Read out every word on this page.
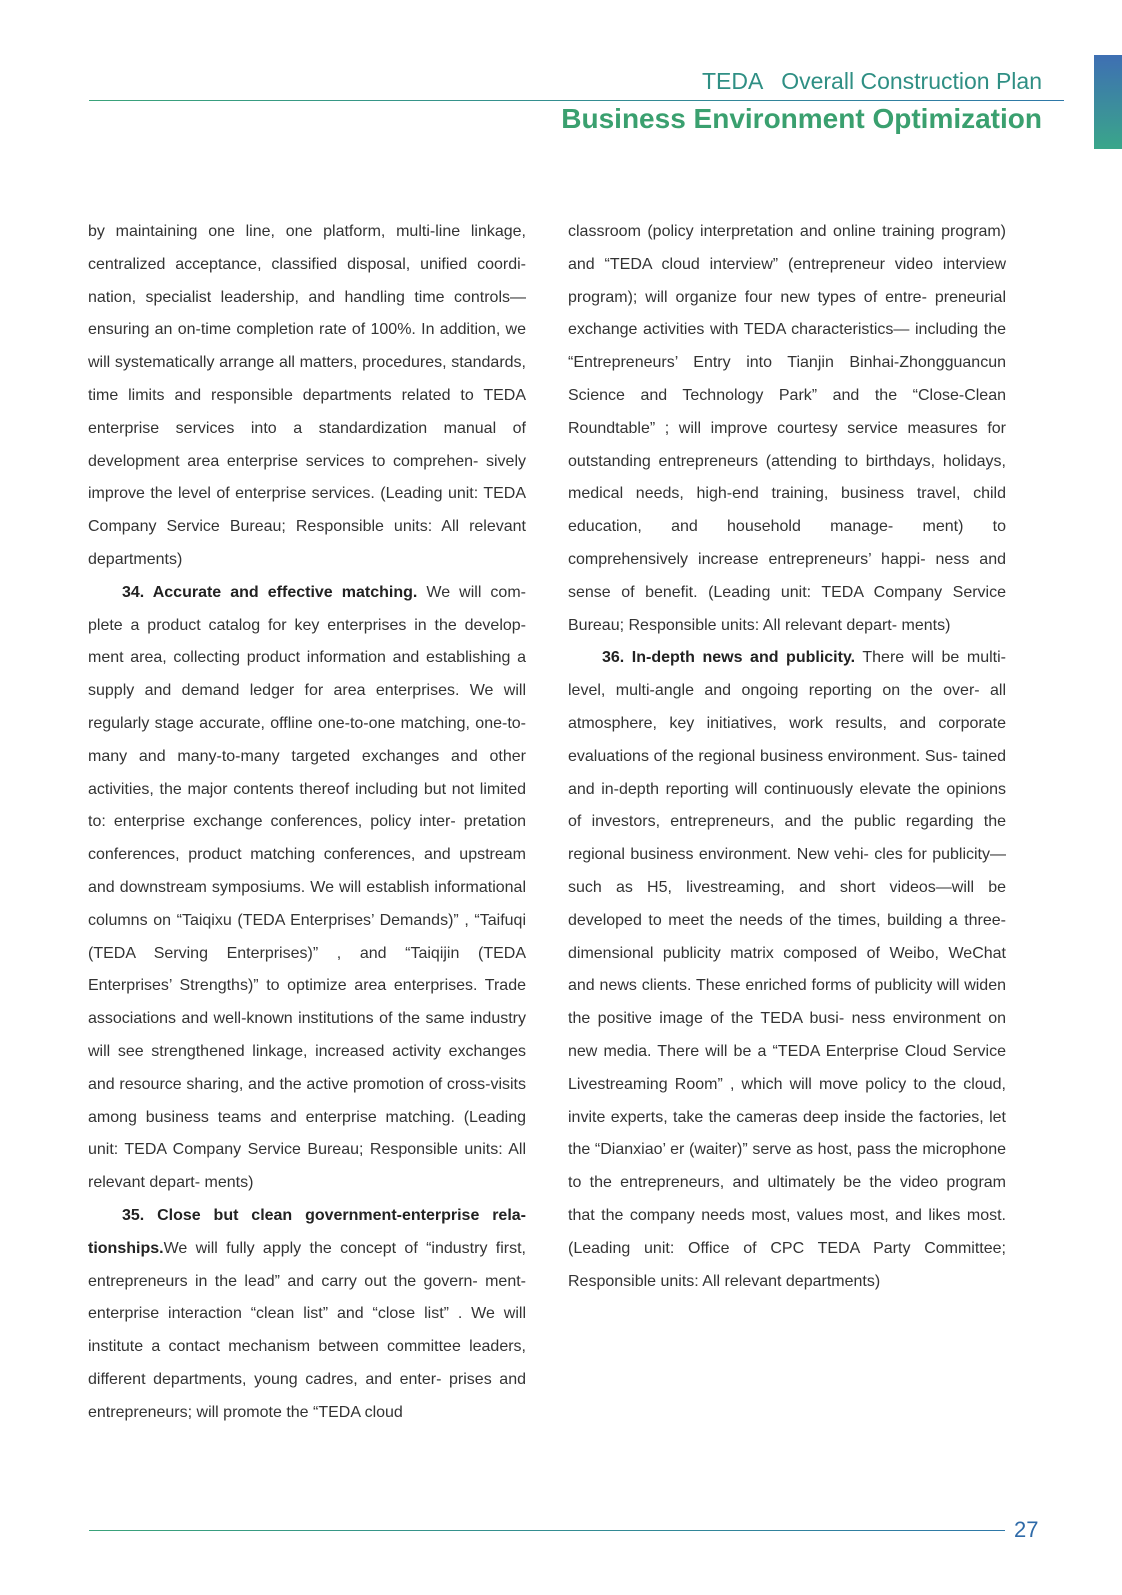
TEDA   Overall Construction Plan
Business Environment Optimization

by maintaining one line, one platform, multi-line linkage, centralized acceptance, classified disposal, unified coordi- nation, specialist leadership, and handling time controls— ensuring an on-time completion rate of 100%. In addition, we will systematically arrange all matters, procedures, standards, time limits and responsible departments related to TEDA enterprise services into a standardization manual of development area enterprise services to comprehen- sively improve the level of enterprise services. (Leading unit: TEDA Company Service Bureau; Responsible units: All relevant departments)

34. Accurate and effective matching. We will com- plete a product catalog for key enterprises in the develop- ment area, collecting product information and establishing a supply and demand ledger for area enterprises. We will regularly stage accurate, offline one-to-one matching, one-to-many and many-to-many targeted exchanges and other activities, the major contents thereof including but not limited to: enterprise exchange conferences, policy inter- pretation conferences, product matching conferences, and upstream and downstream symposiums. We will establish informational columns on “Taiqixu (TEDA Enterprises’ Demands)” , “Taifuqi (TEDA Serving Enterprises)” , and “Taiqijin (TEDA Enterprises’ Strengths)” to optimize area enterprises. Trade associations and well-known institutions of the same industry will see strengthened linkage, increased activity exchanges and resource sharing, and the active promotion of cross-visits among business teams and enterprise matching. (Leading unit: TEDA Company Service Bureau; Responsible units: All relevant depart- ments)

35. Close but clean government-enterprise rela- tionships.We will fully apply the concept of “industry first, entrepreneurs in the lead” and carry out the govern- ment-enterprise interaction “clean list” and “close list” . We will institute a contact mechanism between committee leaders, different departments, young cadres, and enter- prises and entrepreneurs; will promote the “TEDA cloud

classroom (policy interpretation and online training program) and “TEDA cloud interview” (entrepreneur video interview program); will organize four new types of entre- preneurial exchange activities with TEDA characteristics— including the “Entrepreneurs’ Entry into Tianjin Binhai-Zhongguancun Science and Technology Park” and the “Close-Clean Roundtable” ; will improve courtesy service measures for outstanding entrepreneurs (attending to birthdays, holidays, medical needs, high-end training, business travel, child education, and household manage- ment) to comprehensively increase entrepreneurs’ happi- ness and sense of benefit. (Leading unit: TEDA Company Service Bureau; Responsible units: All relevant depart- ments)

36. In-depth news and publicity. There will be multi-level, multi-angle and ongoing reporting on the over- all atmosphere, key initiatives, work results, and corporate evaluations of the regional business environment. Sus- tained and in-depth reporting will continuously elevate the opinions of investors, entrepreneurs, and the public regarding the regional business environment. New vehi- cles for publicity—such as H5, livestreaming, and short videos—will be developed to meet the needs of the times, building a three-dimensional publicity matrix composed of Weibo, WeChat and news clients. These enriched forms of publicity will widen the positive image of the TEDA busi- ness environment on new media. There will be a “TEDA Enterprise Cloud Service Livestreaming Room” , which will move policy to the cloud, invite experts, take the cameras deep inside the factories, let the “Dianxiao’ er (waiter)” serve as host, pass the microphone to the entrepreneurs, and ultimately be the video program that the company needs most, values most, and likes most. (Leading unit: Office of CPC TEDA Party Committee; Responsible units: All relevant departments)

27
